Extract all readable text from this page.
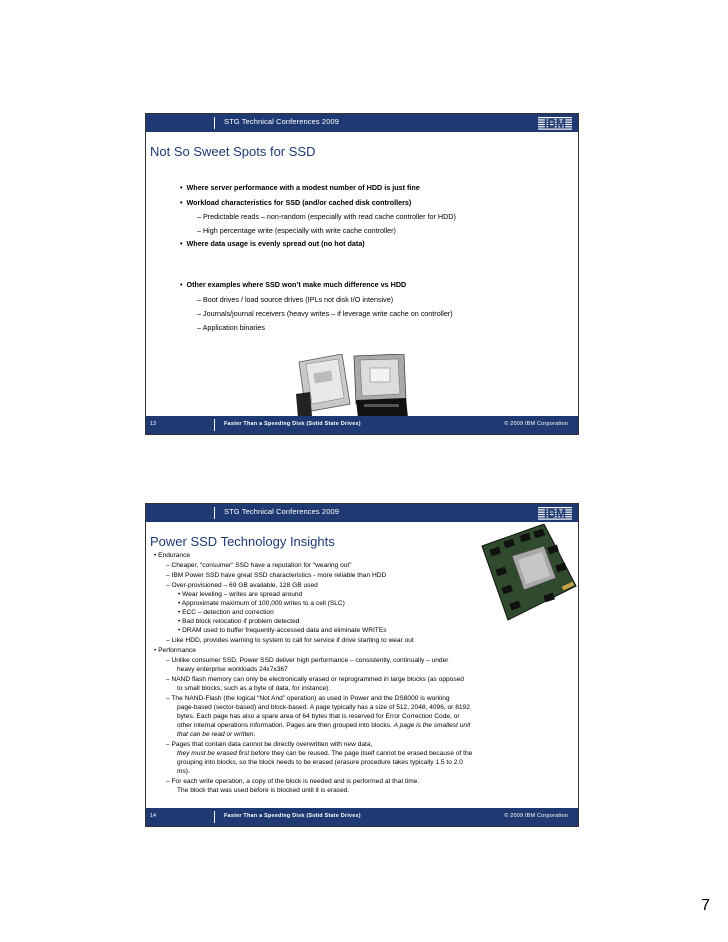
STG Technical Conferences 2009	IBM
Not So Sweet Spots for SSD
•  Where server performance with a modest number of HDD is just fine
•  Workload characteristics for SSD (and/or cached disk controllers)
– Predictable reads – non-random (especially with read cache controller for HDD)
– High percentage write (especially with write cache controller)
•  Where data usage is evenly spread out (no hot data)
•  Other examples where SSD won’t make much difference vs HDD
– Boot drives / load source drives (IPLs not disk I/O intensive)
– Journals/journal receivers (heavy writes – if leverage write cache on controller)
– Application binaries
13	Faster Than a Speeding Disk (Solid State Drives)	© 2009 IBM Corporation
STG Technical Conferences 2009	IBM
Power SSD Technology Insights
• Endurance
– Cheaper, “consumer” SSD have a reputation for “wearing out”
– IBM Power SSD have great SSD characteristics - more reliable than HDD
– Over-provisioned – 69 GB available, 128 GB used
• Wear leveling – writes are spread around
• Approximate maximum of 100,000 writes to a cell (SLC)
• ECC – detection and correction
• Bad block relocation if problem detected
• DRAM used to buffer frequently-accessed data and eliminate WRITEs
– Like HDD, provides warning to system to call for service if drive starting to wear out
• Performance
– Unlike consumer SSD, Power SSD deliver high performance – consistently, continually – under
heavy enterprise workloads 24x7x367
– NAND flash memory can only be electronically erased or reprogrammed in large blocks (as opposed
to small blocks, such as a byte of data, for instance).
– The NAND-Flash (the logical “Not And” operation) as used in Power and the DS8000 is working
page-based (sector-based) and block-based. A page typically has a size of 512, 2048, 4096, or 8192
bytes. Each page has also a spare area of 64 bytes that is reserved for Error Correction Code, or
other internal operations information. Pages are then grouped into blocks. A page is the smallest unit
that can be read or written.
– Pages that contain data cannot be directly overwritten with new data,
they must be erased first before they can be reused. The page itself cannot be erased because of the
grouping into blocks, so the block needs to be erased (erasure procedure takes typically 1.5 to 2.0
ms).
– For each write operation, a copy of the block is needed and is performed at that time.
The block that was used before is blocked until it is erased.
14	Faster Than a Speeding Disk (Solid State Drives)	© 2009 IBM Corporation
7
